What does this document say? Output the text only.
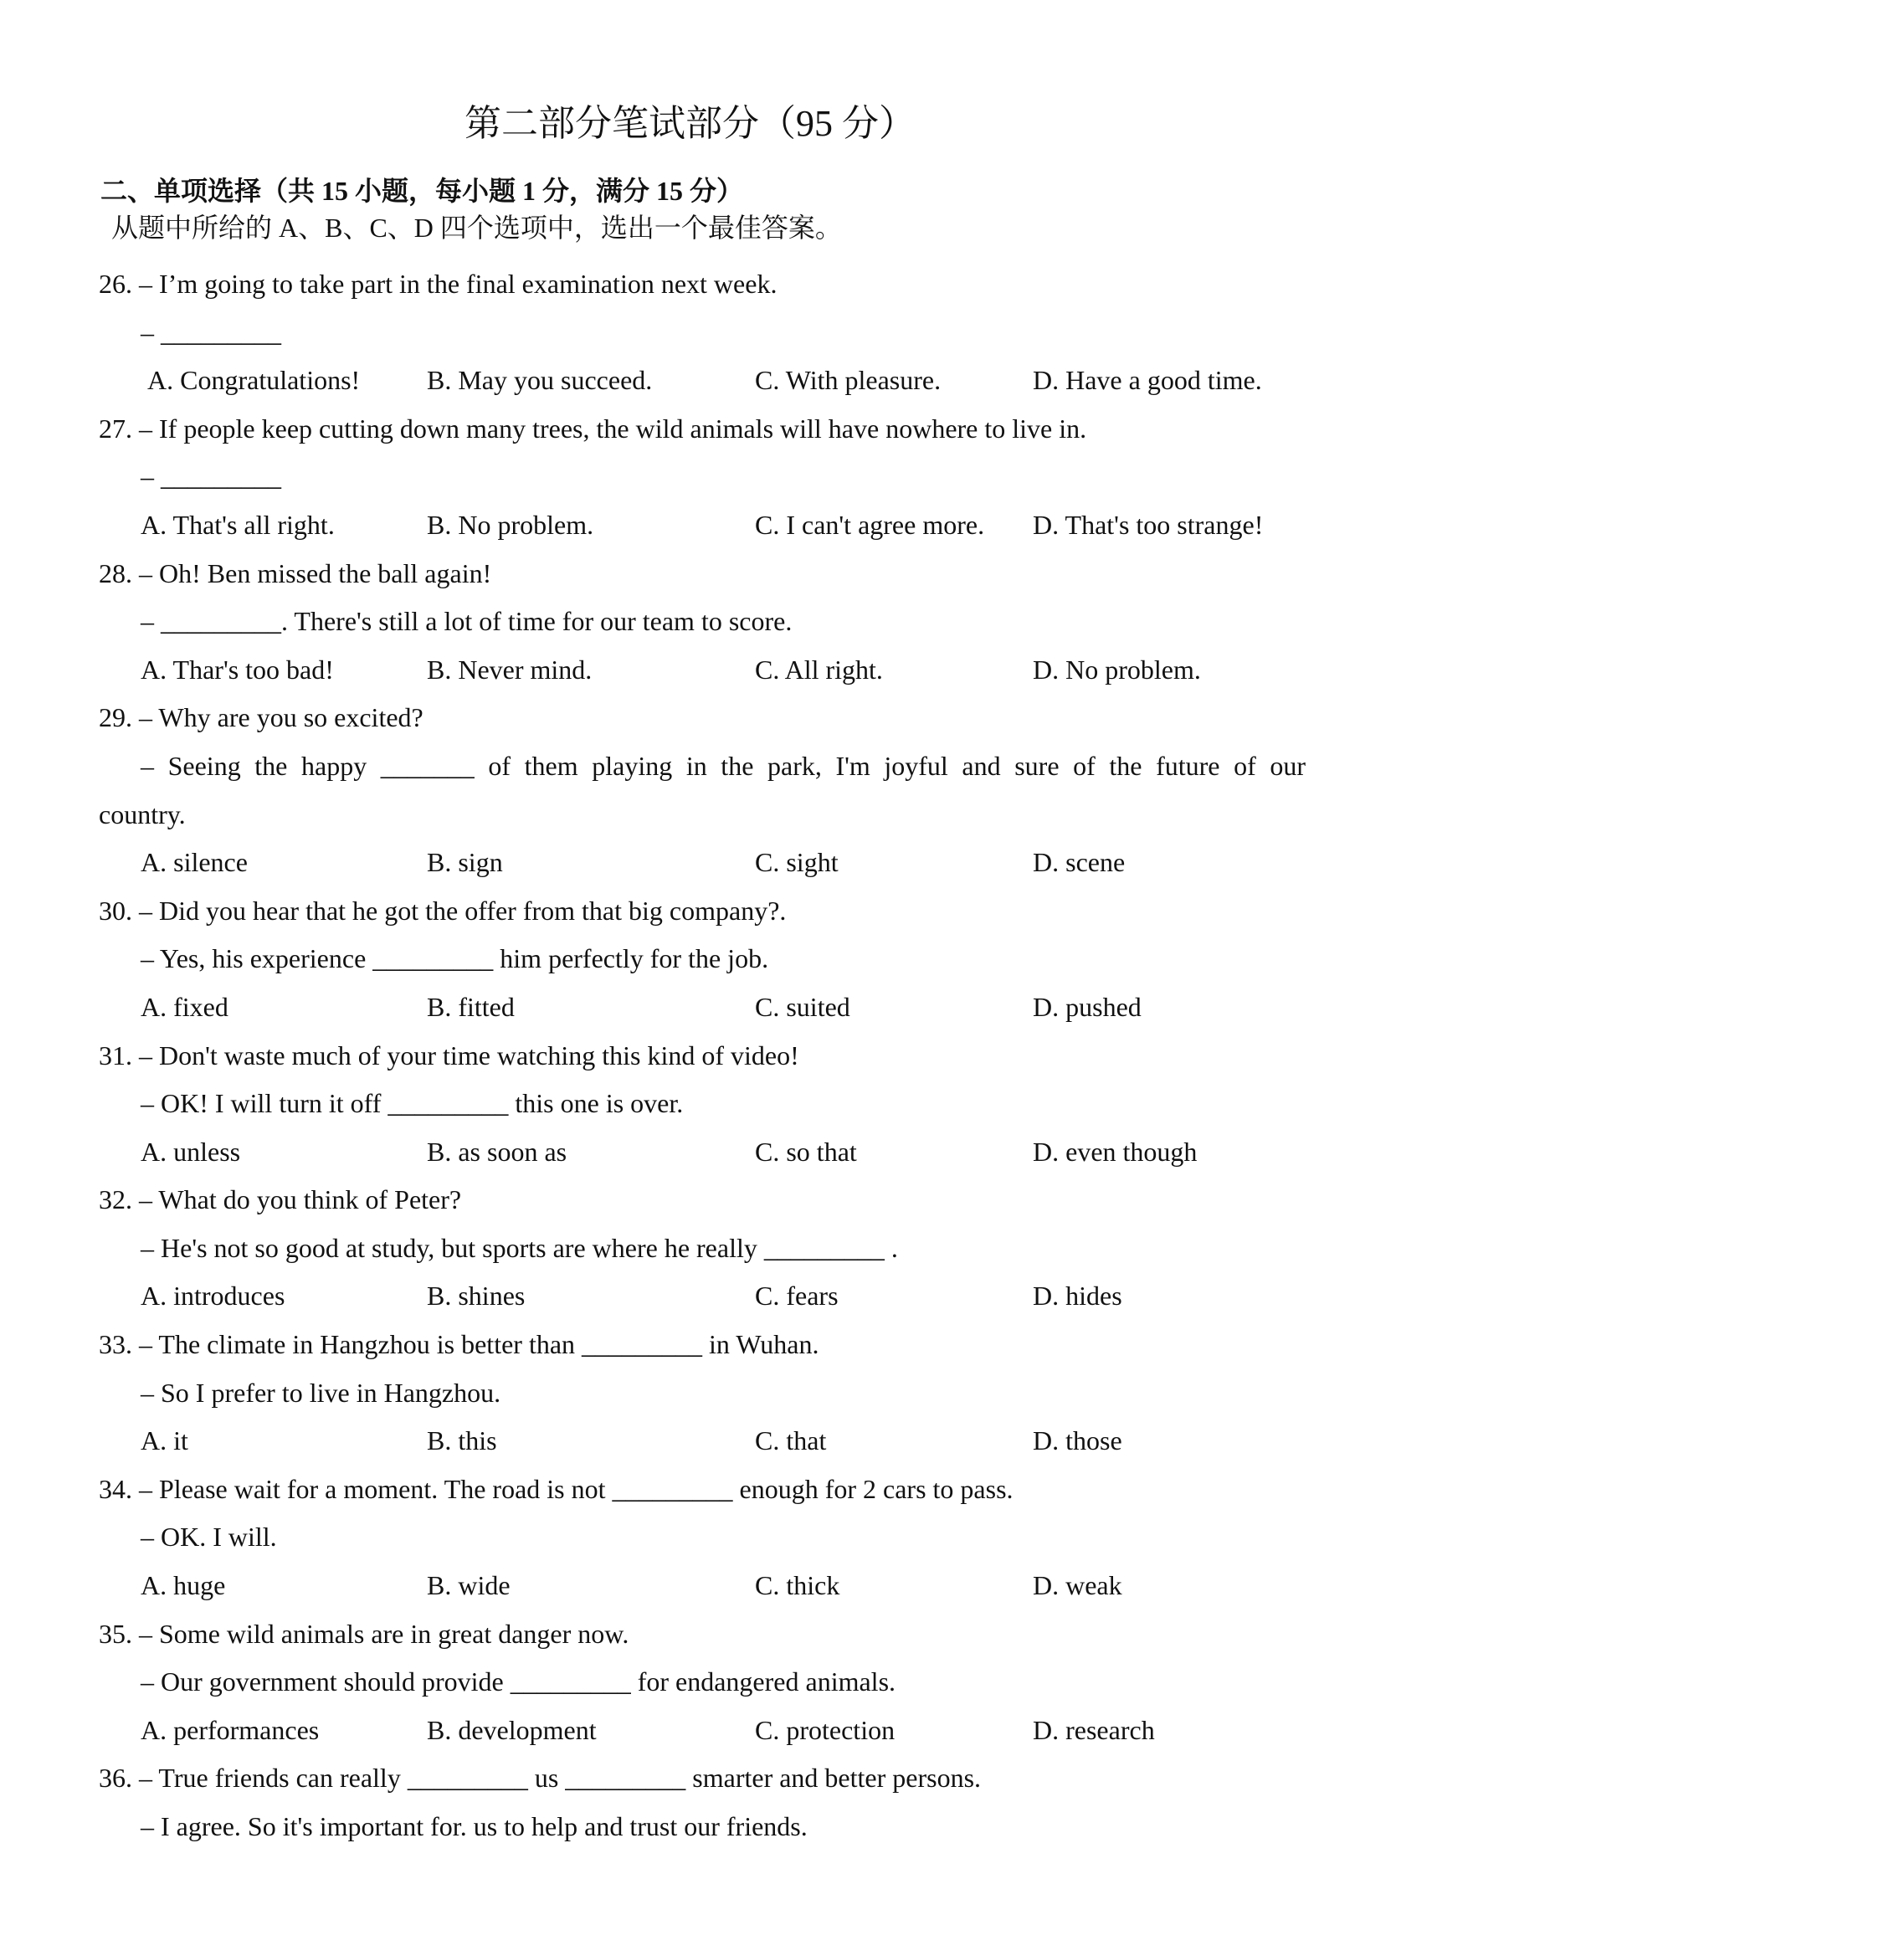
第二部分笔试部分（95 分）
二、单项选择（共 15 小题，每小题 1 分，满分 15 分）
从题中所给的 A、B、C、D 四个选项中，选出一个最佳答案。
26. – I’m going to take part in the final examination next week.
– _________
A. Congratulations! B. May you succeed.	C. With pleasure.	D. Have a good time.
27. – If people keep cutting down many trees, the wild animals will have nowhere to live in.
– _________
A. That's all right.	B. No problem.	C. I can't agree more. D. That's too strange!
28. – Oh! Ben missed the ball again!
– _________. There's still a lot of time for our team to score.
A. Thar's too bad!	B. Never mind.	C. All right.	D. No problem.
29. – Why are you so excited?
– Seeing the happy _______ of them playing in the park, I'm joyful and sure of the future of our
country.
A. silence	B. sign	C. sight	D. scene
30. – Did you hear that he got the offer from that big company?.
– Yes, his experience _________ him perfectly for the job.
A. fixed	B. fitted	C. suited	D. pushed
31. – Don't waste much of your time watching this kind of video!
– OK! I will turn it off _________ this one is over.
A. unless	B. as soon as	C. so that	D. even though
32. – What do you think of Peter?
– He's not so good at study, but sports are where he really _________ .
A. introduces	B. shines	C. fears	D. hides
33. – The climate in Hangzhou is better than _________ in Wuhan.
– So I prefer to live in Hangzhou.
A. it	B. this	C. that	D. those
34. – Please wait for a moment. The road is not _________ enough for 2 cars to pass.
– OK. I will.
A. huge	B. wide	C. thick	D. weak
35. – Some wild animals are in great danger now.
– Our government should provide _________ for endangered animals.
A. performances	B. development	C. protection	D. research
36. – True friends can really _________ us _________ smarter and better persons.
– I agree. So it's important for. us to help and trust our friends.
